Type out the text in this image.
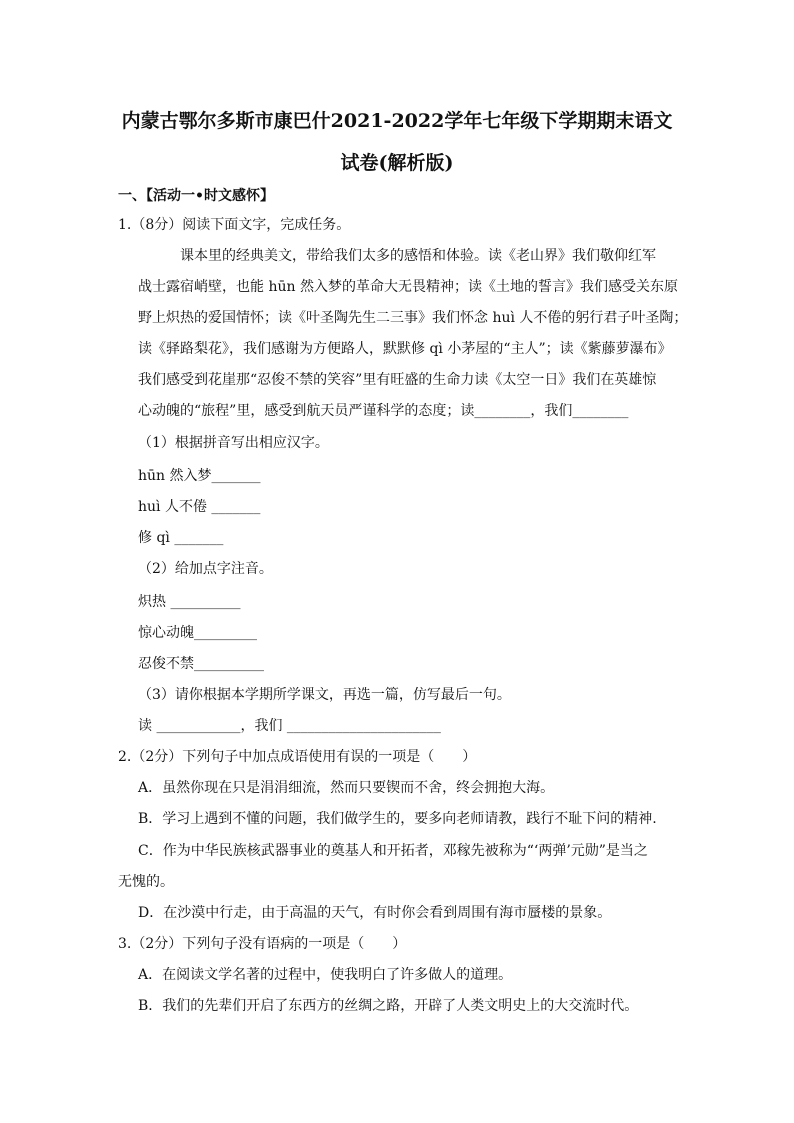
内蒙古鄂尔多斯市康巴什2021-2022学年七年级下学期期末语文
试卷(解析版)
一、【活动一•时文感怀】
1.（8分）阅读下面文字，完成任务。
课本里的经典美文，带给我们太多的感悟和体验。读《老山界》我们敬仰红军
战士露宿峭壁，也能 hūn 然入梦的革命大无畏精神；读《土地的誓言》我们感受关东原
野上炽热的爱国情怀；读《叶圣陶先生二三事》我们怀念 huì 人不倦的躬行君子叶圣陶；
读《驿路梨花》，我们感谢为方便路人，默默修 qì 小茅屋的“主人”；读《紫藤萝瀑布》
我们感受到花崖那“忍俊不禁的笑容”里有旺盛的生命力读《太空一日》我们在英雄惊
心动魄的“旅程”里，感受到航天员严谨科学的态度；读________，我们________
（1）根据拼音写出相应汉字。
hūn 然入梦_______
huì 人不倦 _______
修 qì _______
（2）给加点字注音。
炽热 __________
惊心动魄_________
忍俊不禁__________
（3）请你根据本学期所学课文，再选一篇，仿写最后一句。
读 ____________，我们 ______________________
2.（2分）下列句子中加点成语使用有误的一项是（　　）
A．虽然你现在只是涓涓细流，然而只要锲而不舍，终会拥抱大海。
B．学习上遇到不懂的问题，我们做学生的，要多向老师请教，践行不耻下问的精神.
C．作为中华民族核武器事业的奠基人和开拓者，邓稼先被称为“‘两弹’元勋”是当之
无愧的。
D．在沙漠中行走，由于高温的天气，有时你会看到周围有海市蜃楼的景象。
3.（2分）下列句子没有语病的一项是（　　）
A．在阅读文学名著的过程中，使我明白了许多做人的道理。
B．我们的先辈们开启了东西方的丝绸之路，开辟了人类文明史上的大交流时代。
